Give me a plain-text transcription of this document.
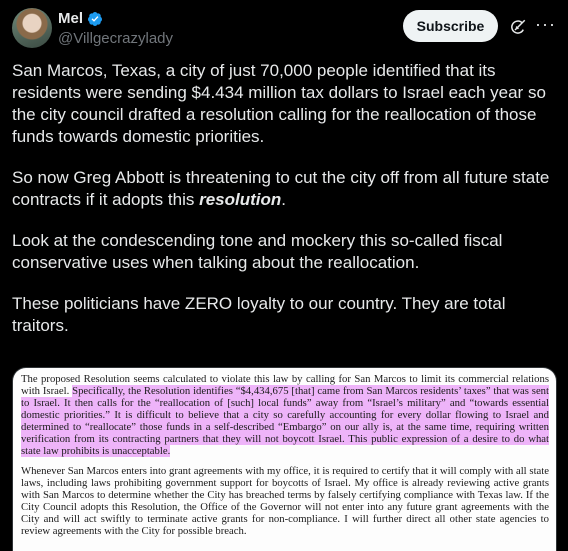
Mel
@Villgecrazylady
Subscribe	···

San Marcos, Texas, a city of just 70,000 people identified that its residents were sending $4.434 million tax dollars to Israel each year so the city council drafted a resolution calling for the reallocation of those funds towards domestic priorities.

So now Greg Abbott is threatening to cut the city off from all future state contracts if it adopts this resolution.

Look at the condescending tone and mockery this so-called fiscal conservative uses when talking about the reallocation.

These politicians have ZERO loyalty to our country. They are total traitors.

The proposed Resolution seems calculated to violate this law by calling for San Marcos to limit its commercial relations with Israel. Specifically, the Resolution identifies “$4,434,675 [that] came from San Marcos residents’ taxes” that was sent to Israel. It then calls for the “reallocation of [such] local funds” away from “Israel’s military” and “towards essential domestic priorities.” It is difficult to believe that a city so carefully accounting for every dollar flowing to Israel and determined to “reallocate” those funds in a self-described “Embargo” on our ally is, at the same time, requiring written verification from its contracting partners that they will not boycott Israel. This public expression of a desire to do what state law prohibits is unacceptable.

Whenever San Marcos enters into grant agreements with my office, it is required to certify that it will comply with all state laws, including laws prohibiting government support for boycotts of Israel. My office is already reviewing active grants with San Marcos to determine whether the City has breached terms by falsely certifying compliance with Texas law. If the City Council adopts this Resolution, the Office of the Governor will not enter into any future grant agreements with the City and will act swiftly to terminate active grants for non-compliance. I will further direct all other state agencies to review agreements with the City for possible breach.
